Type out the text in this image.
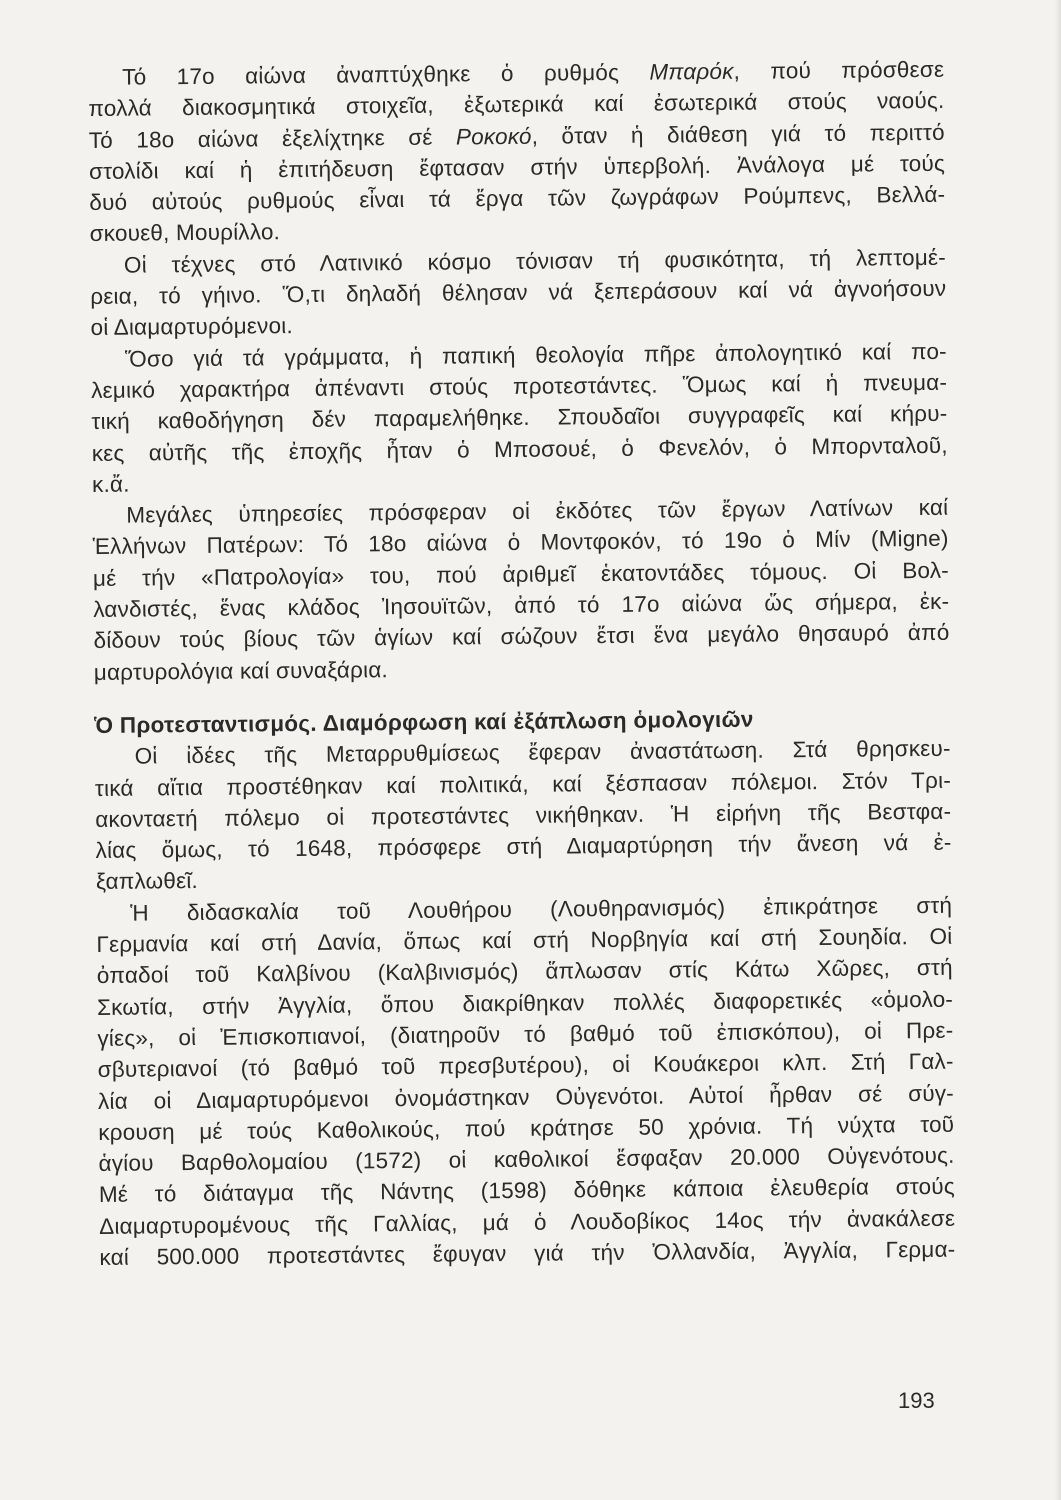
Τό 17ο αἰώνα ἀναπτύχθηκε ὁ ρυθμός Μπαρόκ, πού πρόσθεσε
πολλά διακοσμητικά στοιχεῖα, ἐξωτερικά καί ἐσωτερικά στούς ναούς.
Τό 18ο αἰώνα ἐξελίχτηκε σέ Ροκοκό, ὅταν ἡ διάθεση γιά τό περιττό
στολίδι καί ἡ ἐπιτήδευση ἔφτασαν στήν ὑπερβολή. Ἀνάλογα μέ τούς
δυό αὐτούς ρυθμούς εἶναι τά ἔργα τῶν ζωγράφων Ρούμπενς, Βελλά-
σκουεθ, Μουρίλλο.
Οἱ τέχνες στό Λατινικό κόσμο τόνισαν τή φυσικότητα, τή λεπτομέ-
ρεια, τό γήινο. Ὅ,τι δηλαδή θέλησαν νά ξεπεράσουν καί νά ἀγνοήσουν
οἱ Διαμαρτυρόμενοι.
Ὅσο γιά τά γράμματα, ἡ παπική θεολογία πῆρε ἀπολογητικό καί πο-
λεμικό χαρακτήρα ἀπέναντι στούς προτεστάντες. Ὅμως καί ἡ πνευμα-
τική καθοδήγηση δέν παραμελήθηκε. Σπουδαῖοι συγγραφεῖς καί κήρυ-
κες αὐτῆς τῆς ἐποχῆς ἦταν ὁ Μποσουέ, ὁ Φενελόν, ὁ Μπορνταλοῦ,
κ.ἄ.
Μεγάλες ὑπηρεσίες πρόσφεραν οἱ ἐκδότες τῶν ἔργων Λατίνων καί
Ἑλλήνων Πατέρων: Τό 18ο αἰώνα ὁ Μοντφοκόν, τό 19ο ὁ Μίν (Migne)
μέ τήν «Πατρολογία» του, πού ἀριθμεῖ ἑκατοντάδες τόμους. Οἱ Βολ-
λανδιστές, ἕνας κλάδος Ἰησουϊτῶν, ἀπό τό 17ο αἰώνα ὥς σήμερα, ἐκ-
δίδουν τούς βίους τῶν ἁγίων καί σώζουν ἔτσι ἕνα μεγάλο θησαυρό ἀπό
μαρτυρολόγια καί συναξάρια.
Ὁ Προτεσταντισμός. Διαμόρφωση καί ἐξάπλωση ὁμολογιῶν
Οἱ ἰδέες τῆς Μεταρρυθμίσεως ἔφεραν ἀναστάτωση. Στά θρησκευ-
τικά αἴτια προστέθηκαν καί πολιτικά, καί ξέσπασαν πόλεμοι. Στόν Τρι-
ακονταετή πόλεμο οἱ προτεστάντες νικήθηκαν. Ἡ εἰρήνη τῆς Βεστφα-
λίας ὅμως, τό 1648, πρόσφερε στή Διαμαρτύρηση τήν ἄνεση νά ἐ-
ξαπλωθεῖ.
Ἡ διδασκαλία τοῦ Λουθήρου (Λουθηρανισμός) ἐπικράτησε στή
Γερμανία καί στή Δανία, ὅπως καί στή Νορβηγία καί στή Σουηδία. Οἱ
ὀπαδοί τοῦ Καλβίνου (Καλβινισμός) ἅπλωσαν στίς Κάτω Χῶρες, στή
Σκωτία, στήν Ἀγγλία, ὅπου διακρίθηκαν πολλές διαφορετικές «ὁμολο-
γίες», οἱ Ἐπισκοπιανοί, (διατηροῦν τό βαθμό τοῦ ἐπισκόπου), οἱ Πρε-
σβυτεριανοί (τό βαθμό τοῦ πρεσβυτέρου), οἱ Κουάκεροι κλπ. Στή Γαλ-
λία οἱ Διαμαρτυρόμενοι ὀνομάστηκαν Οὐγενότοι. Αὐτοί ἦρθαν σέ σύγ-
κρουση μέ τούς Καθολικούς, πού κράτησε 50 χρόνια. Τή νύχτα τοῦ
ἁγίου Βαρθολομαίου (1572) οἱ καθολικοί ἔσφαξαν 20.000 Οὐγενότους.
Μέ τό διάταγμα τῆς Νάντης (1598) δόθηκε κάποια ἐλευθερία στούς
Διαμαρτυρομένους τῆς Γαλλίας, μά ὁ Λουδοβίκος 14ος τήν ἀνακάλεσε
καί 500.000 προτεστάντες ἔφυγαν γιά τήν Ὀλλανδία, Ἀγγλία, Γερμα-
193
